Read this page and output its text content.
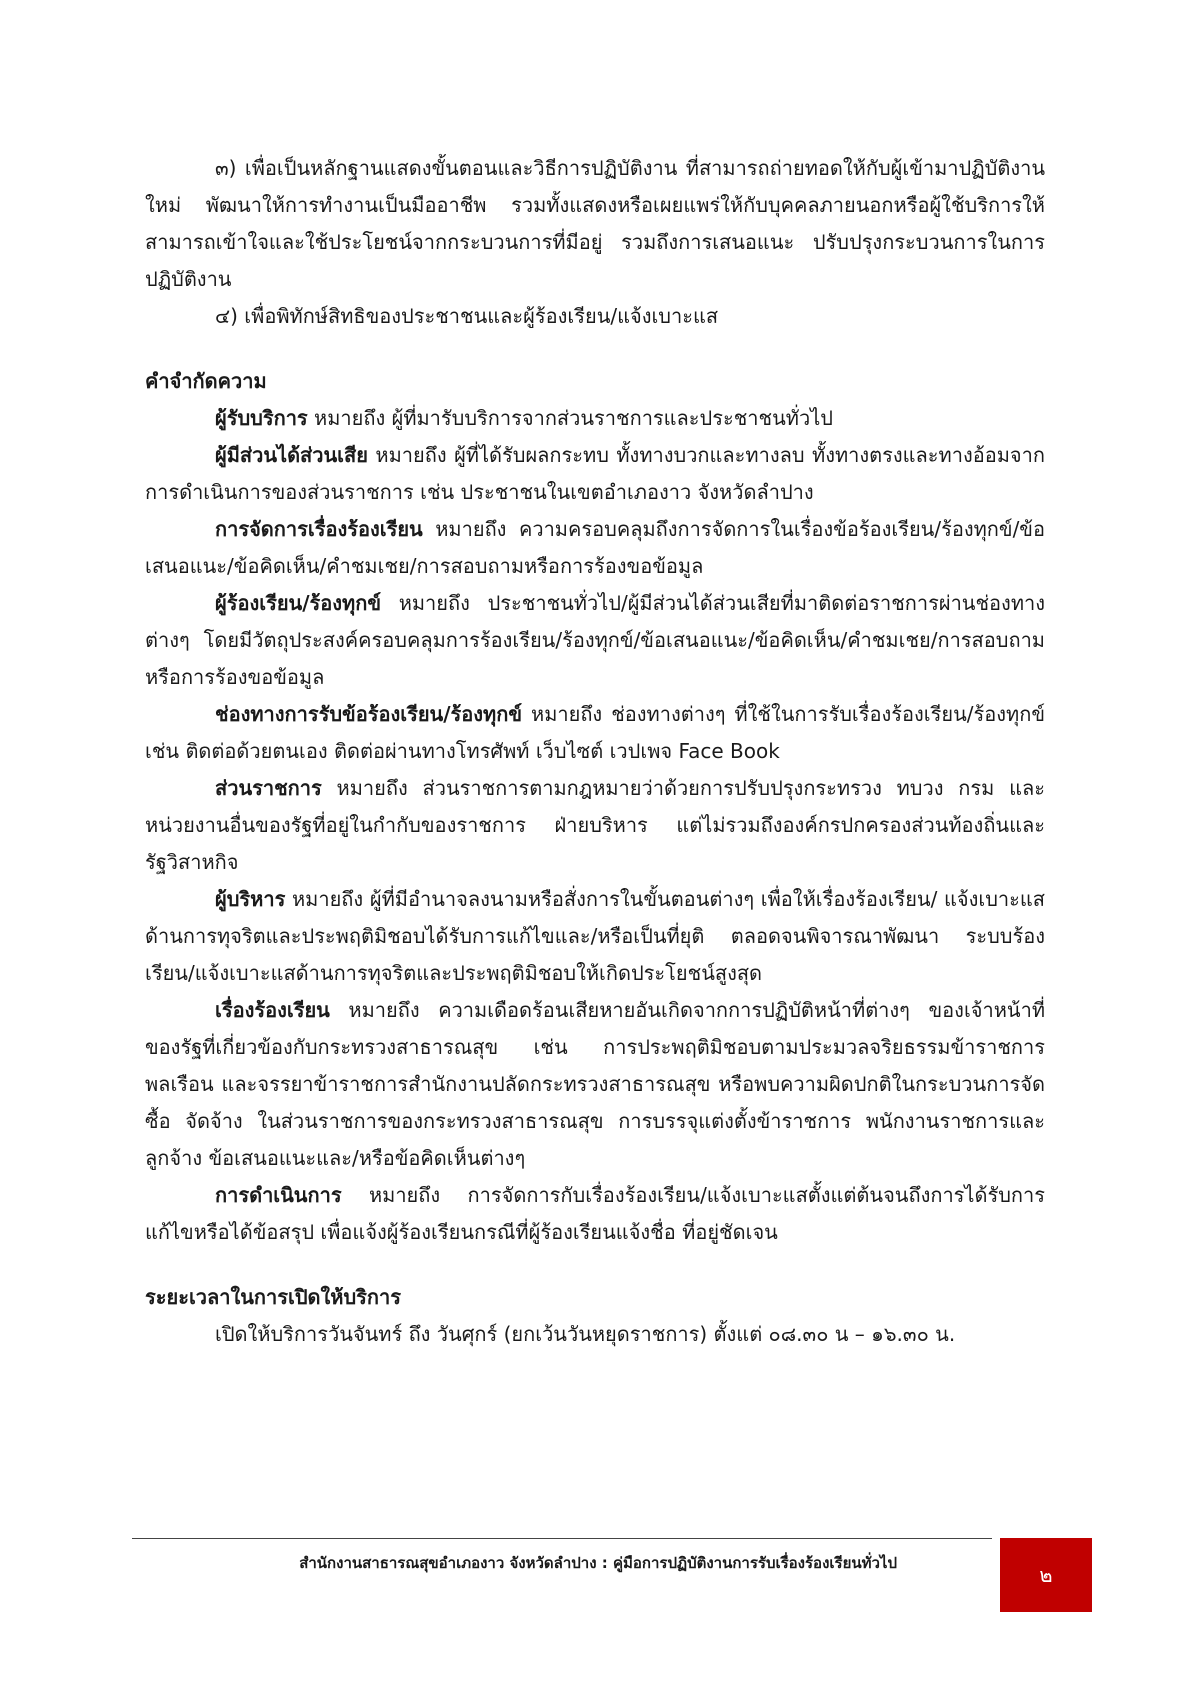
๓) เพื่อเป็นหลักฐานแสดงขั้นตอนและวิธีการปฏิบัติงาน ที่สามารถถ่ายทอดให้กับผู้เข้ามาปฏิบัติงานใหม่ พัฒนาให้การทำงานเป็นมืออาชีพ รวมทั้งแสดงหรือเผยแพร่ให้กับบุคคลภายนอกหรือผู้ใช้บริการให้สามารถเข้าใจและใช้ประโยชน์จากกระบวนการที่มีอยู่ รวมถึงการเสนอแนะ ปรับปรุงกระบวนการในการปฏิบัติงาน

๔) เพื่อพิทักษ์สิทธิของประชาชนและผู้ร้องเรียน/แจ้งเบาะแส

คำจำกัดความ

ผู้รับบริการ หมายถึง ผู้ที่มารับบริการจากส่วนราชการและประชาชนทั่วไป

ผู้มีส่วนได้ส่วนเสีย หมายถึง ผู้ที่ได้รับผลกระทบ ทั้งทางบวกและทางลบ ทั้งทางตรงและทางอ้อมจากการดำเนินการของส่วนราชการ เช่น ประชาชนในเขตอำเภองาว จังหวัดลำปาง

การจัดการเรื่องร้องเรียน หมายถึง ความครอบคลุมถึงการจัดการในเรื่องข้อร้องเรียน/ร้องทุกข์/ข้อเสนอแนะ/ข้อคิดเห็น/คำชมเชย/การสอบถามหรือการร้องขอข้อมูล

ผู้ร้องเรียน/ร้องทุกข์ หมายถึง ประชาชนทั่วไป/ผู้มีส่วนได้ส่วนเสียที่มาติดต่อราชการผ่านช่องทางต่างๆ โดยมีวัตถุประสงค์ครอบคลุมการร้องเรียน/ร้องทุกข์/ข้อเสนอแนะ/ข้อคิดเห็น/คำชมเชย/การสอบถามหรือการร้องขอข้อมูล

ช่องทางการรับข้อร้องเรียน/ร้องทุกข์ หมายถึง ช่องทางต่างๆ ที่ใช้ในการรับเรื่องร้องเรียน/ร้องทุกข์ เช่น ติดต่อด้วยตนเอง ติดต่อผ่านทางโทรศัพท์ เว็บไซต์ เวปเพจ Face Book

ส่วนราชการ หมายถึง ส่วนราชการตามกฎหมายว่าด้วยการปรับปรุงกระทรวง ทบวง กรม และหน่วยงานอื่นของรัฐที่อยู่ในกำกับของราชการ ฝ่ายบริหาร แต่ไม่รวมถึงองค์กรปกครองส่วนท้องถิ่นและรัฐวิสาหกิจ

ผู้บริหาร หมายถึง ผู้ที่มีอำนาจลงนามหรือสั่งการในขั้นตอนต่างๆ เพื่อให้เรื่องร้องเรียน/ แจ้งเบาะแสด้านการทุจริตและประพฤติมิชอบได้รับการแก้ไขและ/หรือเป็นที่ยุติ ตลอดจนพิจารณาพัฒนา ระบบร้องเรียน/แจ้งเบาะแสด้านการทุจริตและประพฤติมิชอบให้เกิดประโยชน์สูงสุด

เรื่องร้องเรียน หมายถึง ความเดือดร้อนเสียหายอันเกิดจากการปฏิบัติหน้าที่ต่างๆ ของเจ้าหน้าที่ ของรัฐที่เกี่ยวข้องกับกระทรวงสาธารณสุข เช่น การประพฤติมิชอบตามประมวลจริยธรรมข้าราชการพลเรือน และจรรยาข้าราชการสำนักงานปลัดกระทรวงสาธารณสุข หรือพบความผิดปกติในกระบวนการจัดซื้อ จัดจ้าง ในส่วนราชการของกระทรวงสาธารณสุข การบรรจุแต่งตั้งข้าราชการ พนักงานราชการและลูกจ้าง ข้อเสนอแนะและ/หรือข้อคิดเห็นต่างๆ

การดำเนินการ หมายถึง การจัดการกับเรื่องร้องเรียน/แจ้งเบาะแสตั้งแต่ต้นจนถึงการได้รับการ แก้ไขหรือได้ข้อสรุป เพื่อแจ้งผู้ร้องเรียนกรณีที่ผู้ร้องเรียนแจ้งชื่อ ที่อยู่ชัดเจน

ระยะเวลาในการเปิดให้บริการ

เปิดให้บริการวันจันทร์ ถึง วันศุกร์ (ยกเว้นวันหยุดราชการ) ตั้งแต่ ๐๘.๓๐ น – ๑๖.๓๐ น.

สำนักงานสาธารณสุขอำเภองาว จังหวัดลำปาง : คู่มือการปฏิบัติงานการรับเรื่องร้องเรียนทั่วไป	๒
